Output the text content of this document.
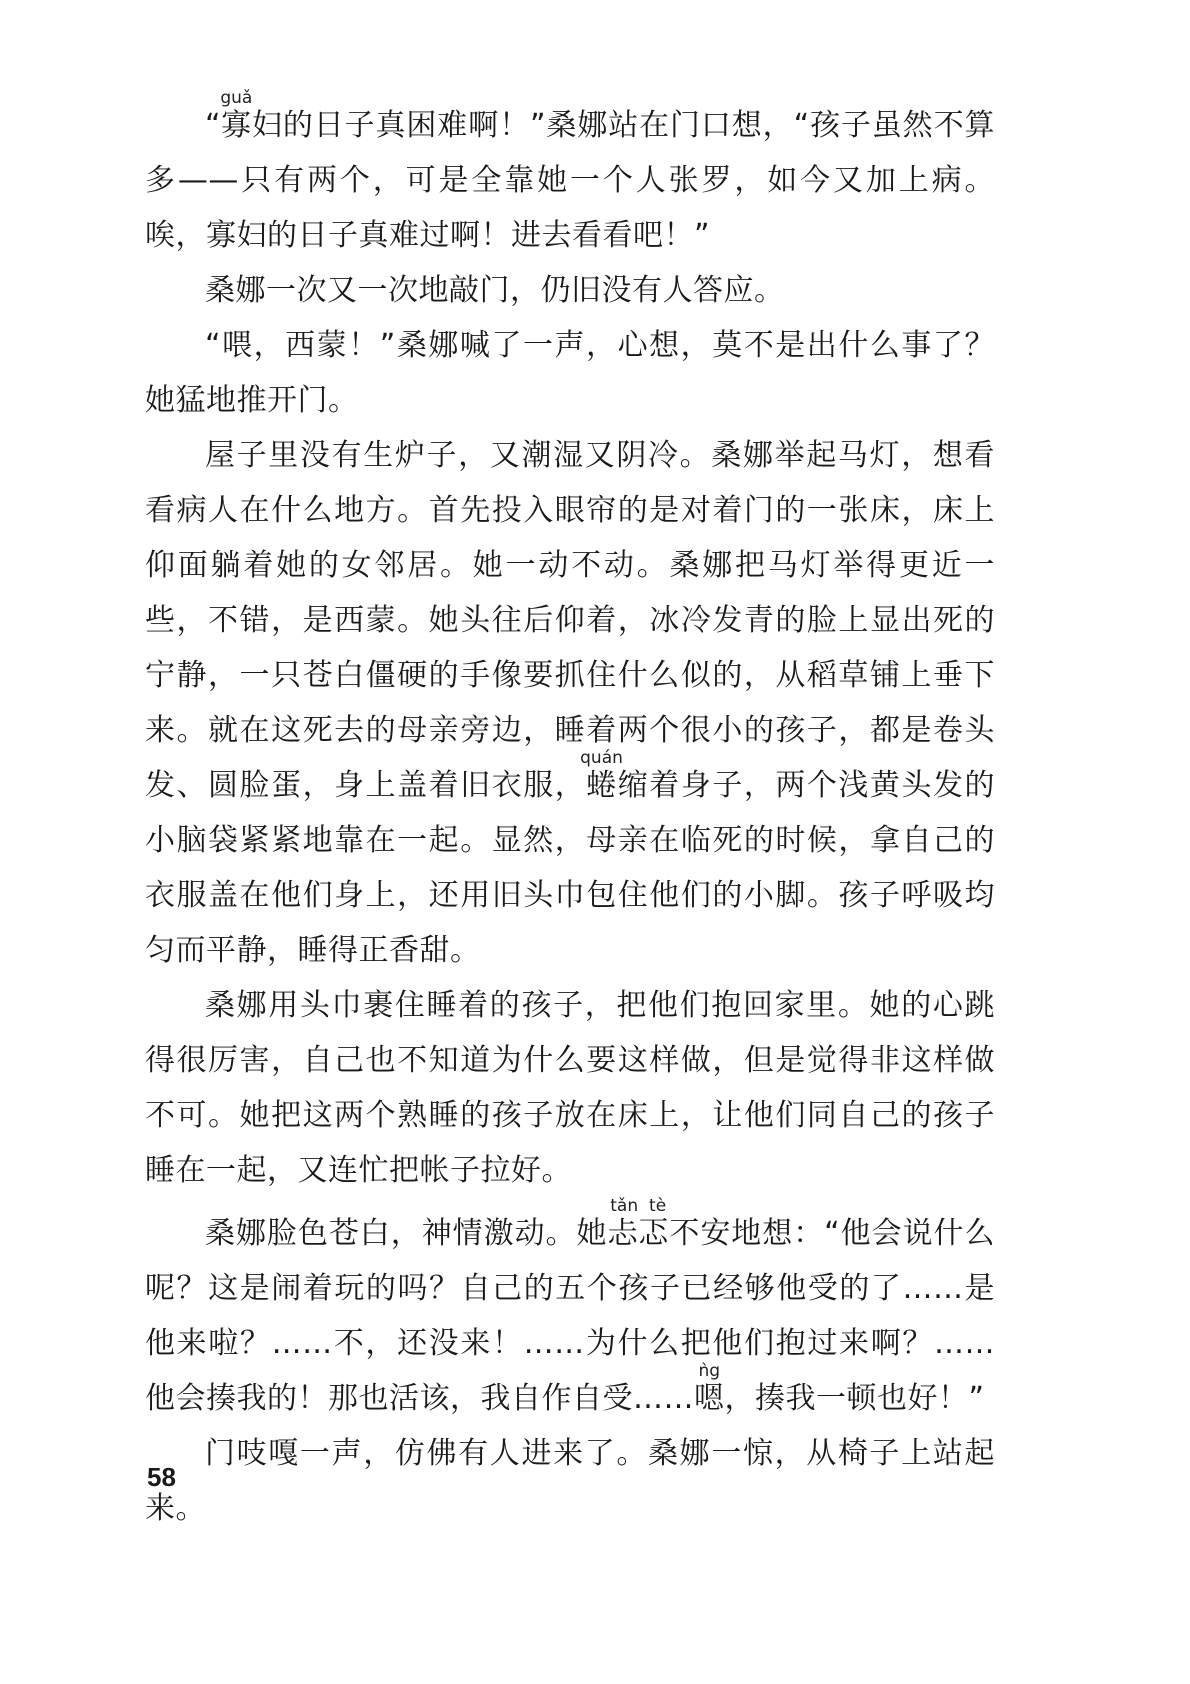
“寡guǎ妇的日子真困难啊！”桑娜站在门口想，“孩子虽然不算多——只有两个，可是全靠她一个人张罗，如今又加上病。唉，寡妇的日子真难过啊！进去看看吧！”

桑娜一次又一次地敲门，仍旧没有人答应。

“喂，西蒙！”桑娜喊了一声，心想，莫不是出什么事了？她猛地推开门。

屋子里没有生炉子，又潮湿又阴冷。桑娜举起马灯，想看看病人在什么地方。首先投入眼帘的是对着门的一张床，床上仰面躺着她的女邻居。她一动不动。桑娜把马灯举得更近一些，不错，是西蒙。她头往后仰着，冰冷发青的脸上显出死的宁静，一只苍白僵硬的手像要抓住什么似的，从稻草铺上垂下来。就在这死去的母亲旁边，睡着两个很小的孩子，都是卷头发、圆脸蛋，身上盖着旧衣服，蜷quán缩着身子，两个浅黄头发的小脑袋紧紧地靠在一起。显然，母亲在临死的时候，拿自己的衣服盖在他们身上，还用旧头巾包住他们的小脚。孩子呼吸均匀而平静，睡得正香甜。

桑娜用头巾裹住睡着的孩子，把他们抱回家里。她的心跳得很厉害，自己也不知道为什么要这样做，但是觉得非这样做不可。她把这两个熟睡的孩子放在床上，让他们同自己的孩子睡在一起，又连忙把帐子拉好。

桑娜脸色苍白，神情激动。她忐忑tǎn tè不安地想：“他会说什么呢？这是闹着玩的吗？自己的五个孩子已经够他受的了……是他来啦？……不，还没来！……为什么把他们抱过来啊？……他会揍我的！那也活该，我自作自受……嗯ǹg，揍我一顿也好！”

门吱嘎一声，仿佛有人进来了。桑娜一惊，从椅子上站起来。

58
